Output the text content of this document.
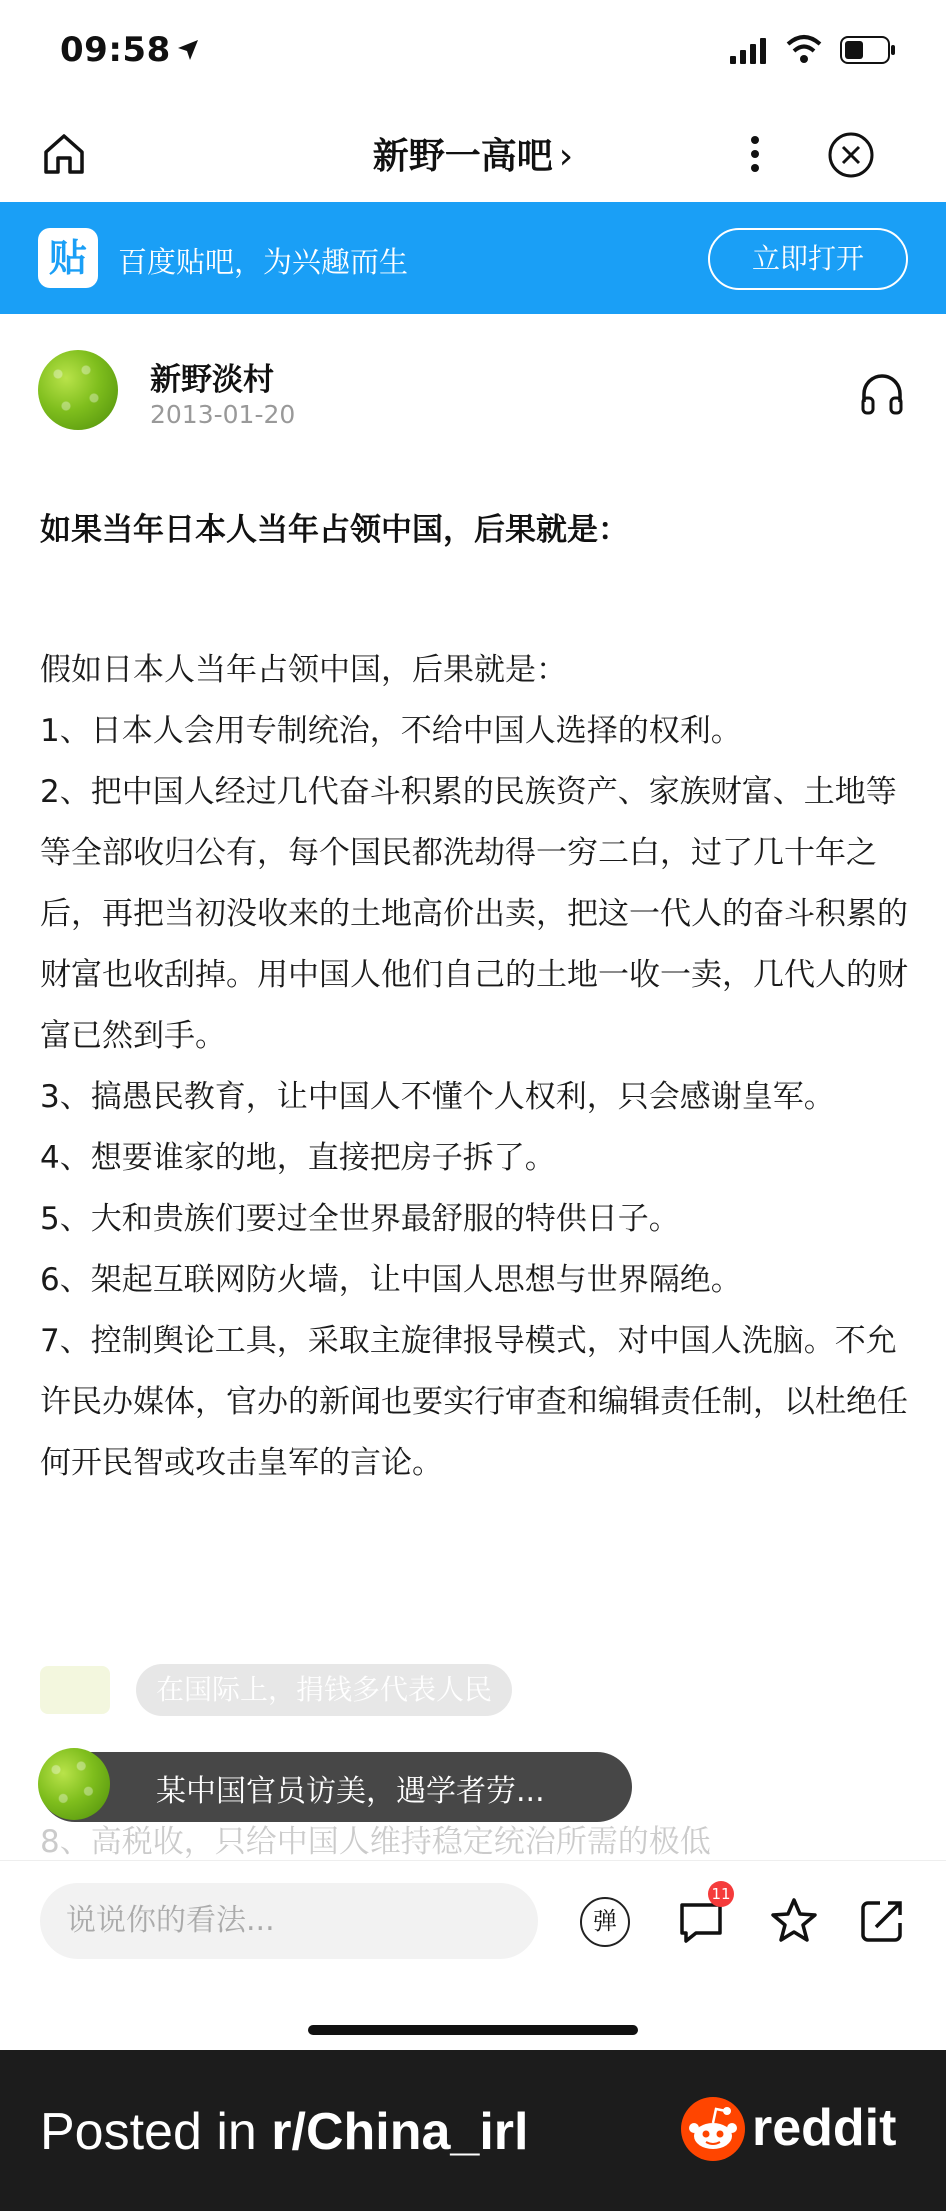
09:58
新野一高吧 ›
贴	百度贴吧，为兴趣而生	立即打开
新野淡村
2013-01-20
如果当年日本人当年占领中国，后果就是：

假如日本人当年占领中国，后果就是：

1、日本人会用专制统治，不给中国人选择的权利。

2、把中国人经过几代奋斗积累的民族资产、家族财富、土地等等全部收归公有，每个国民都洗劫得一穷二白，过了几十年之后，再把当初没收来的土地高价出卖，把这一代人的奋斗积累的财富也收刮掉。用中国人他们自己的土地一收一卖，几代人的财富已然到手。

3、搞愚民教育，让中国人不懂个人权利，只会感谢皇军。

4、想要谁家的地，直接把房子拆了。

5、大和贵族们要过全世界最舒服的特供日子。

6、架起互联网防火墙，让中国人思想与世界隔绝。

7、控制舆论工具，采取主旋律报导模式，对中国人洗脑。不允许民办媒体，官办的新闻也要实行审查和编辑责任制，以杜绝任何开民智或攻击皇军的言论。

8、高税收，只给中国人维持稳定统治所需的极低
在国际上，捐钱多代表人民
某中国官员访美，遇学者劳...
说说你的看法...	弹
11
Posted in r/China_irl	reddit
